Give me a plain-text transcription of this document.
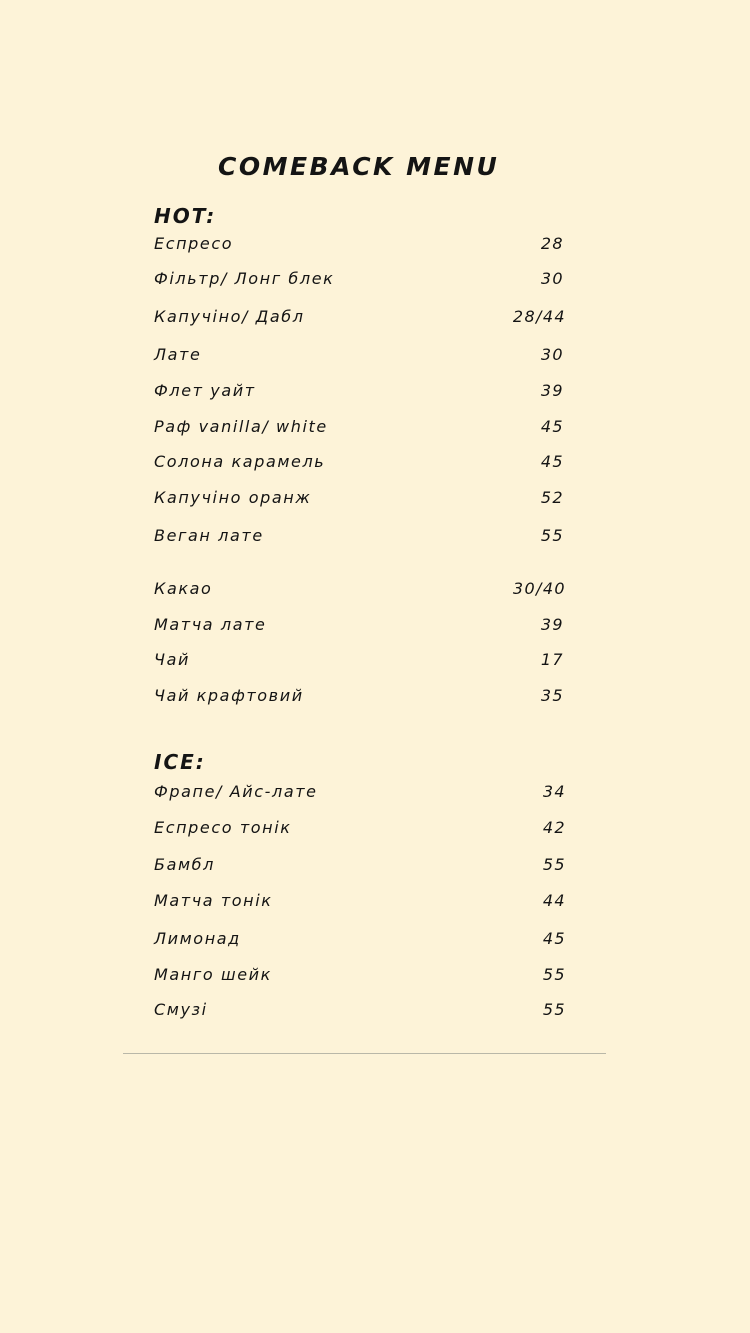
COMEBACK MENU
HOT:
Еспресо	28
Фільтр/ Лонг блек	30
Капучіно/ Дабл	28/44
Лате	30
Флет уайт	39
Раф vanilla/ white	45
Солона карамель	45
Капучіно оранж	52
Веган лате	55
Какао	30/40
Матча лате	39
Чай	17
Чай крафтовий	35
ICE:
Фрапе/ Айс-лате	34
Еспресо тонік	42
Бамбл	55
Матча тонік	44
Лимонад	45
Манго шейк	55
Смузі	55
